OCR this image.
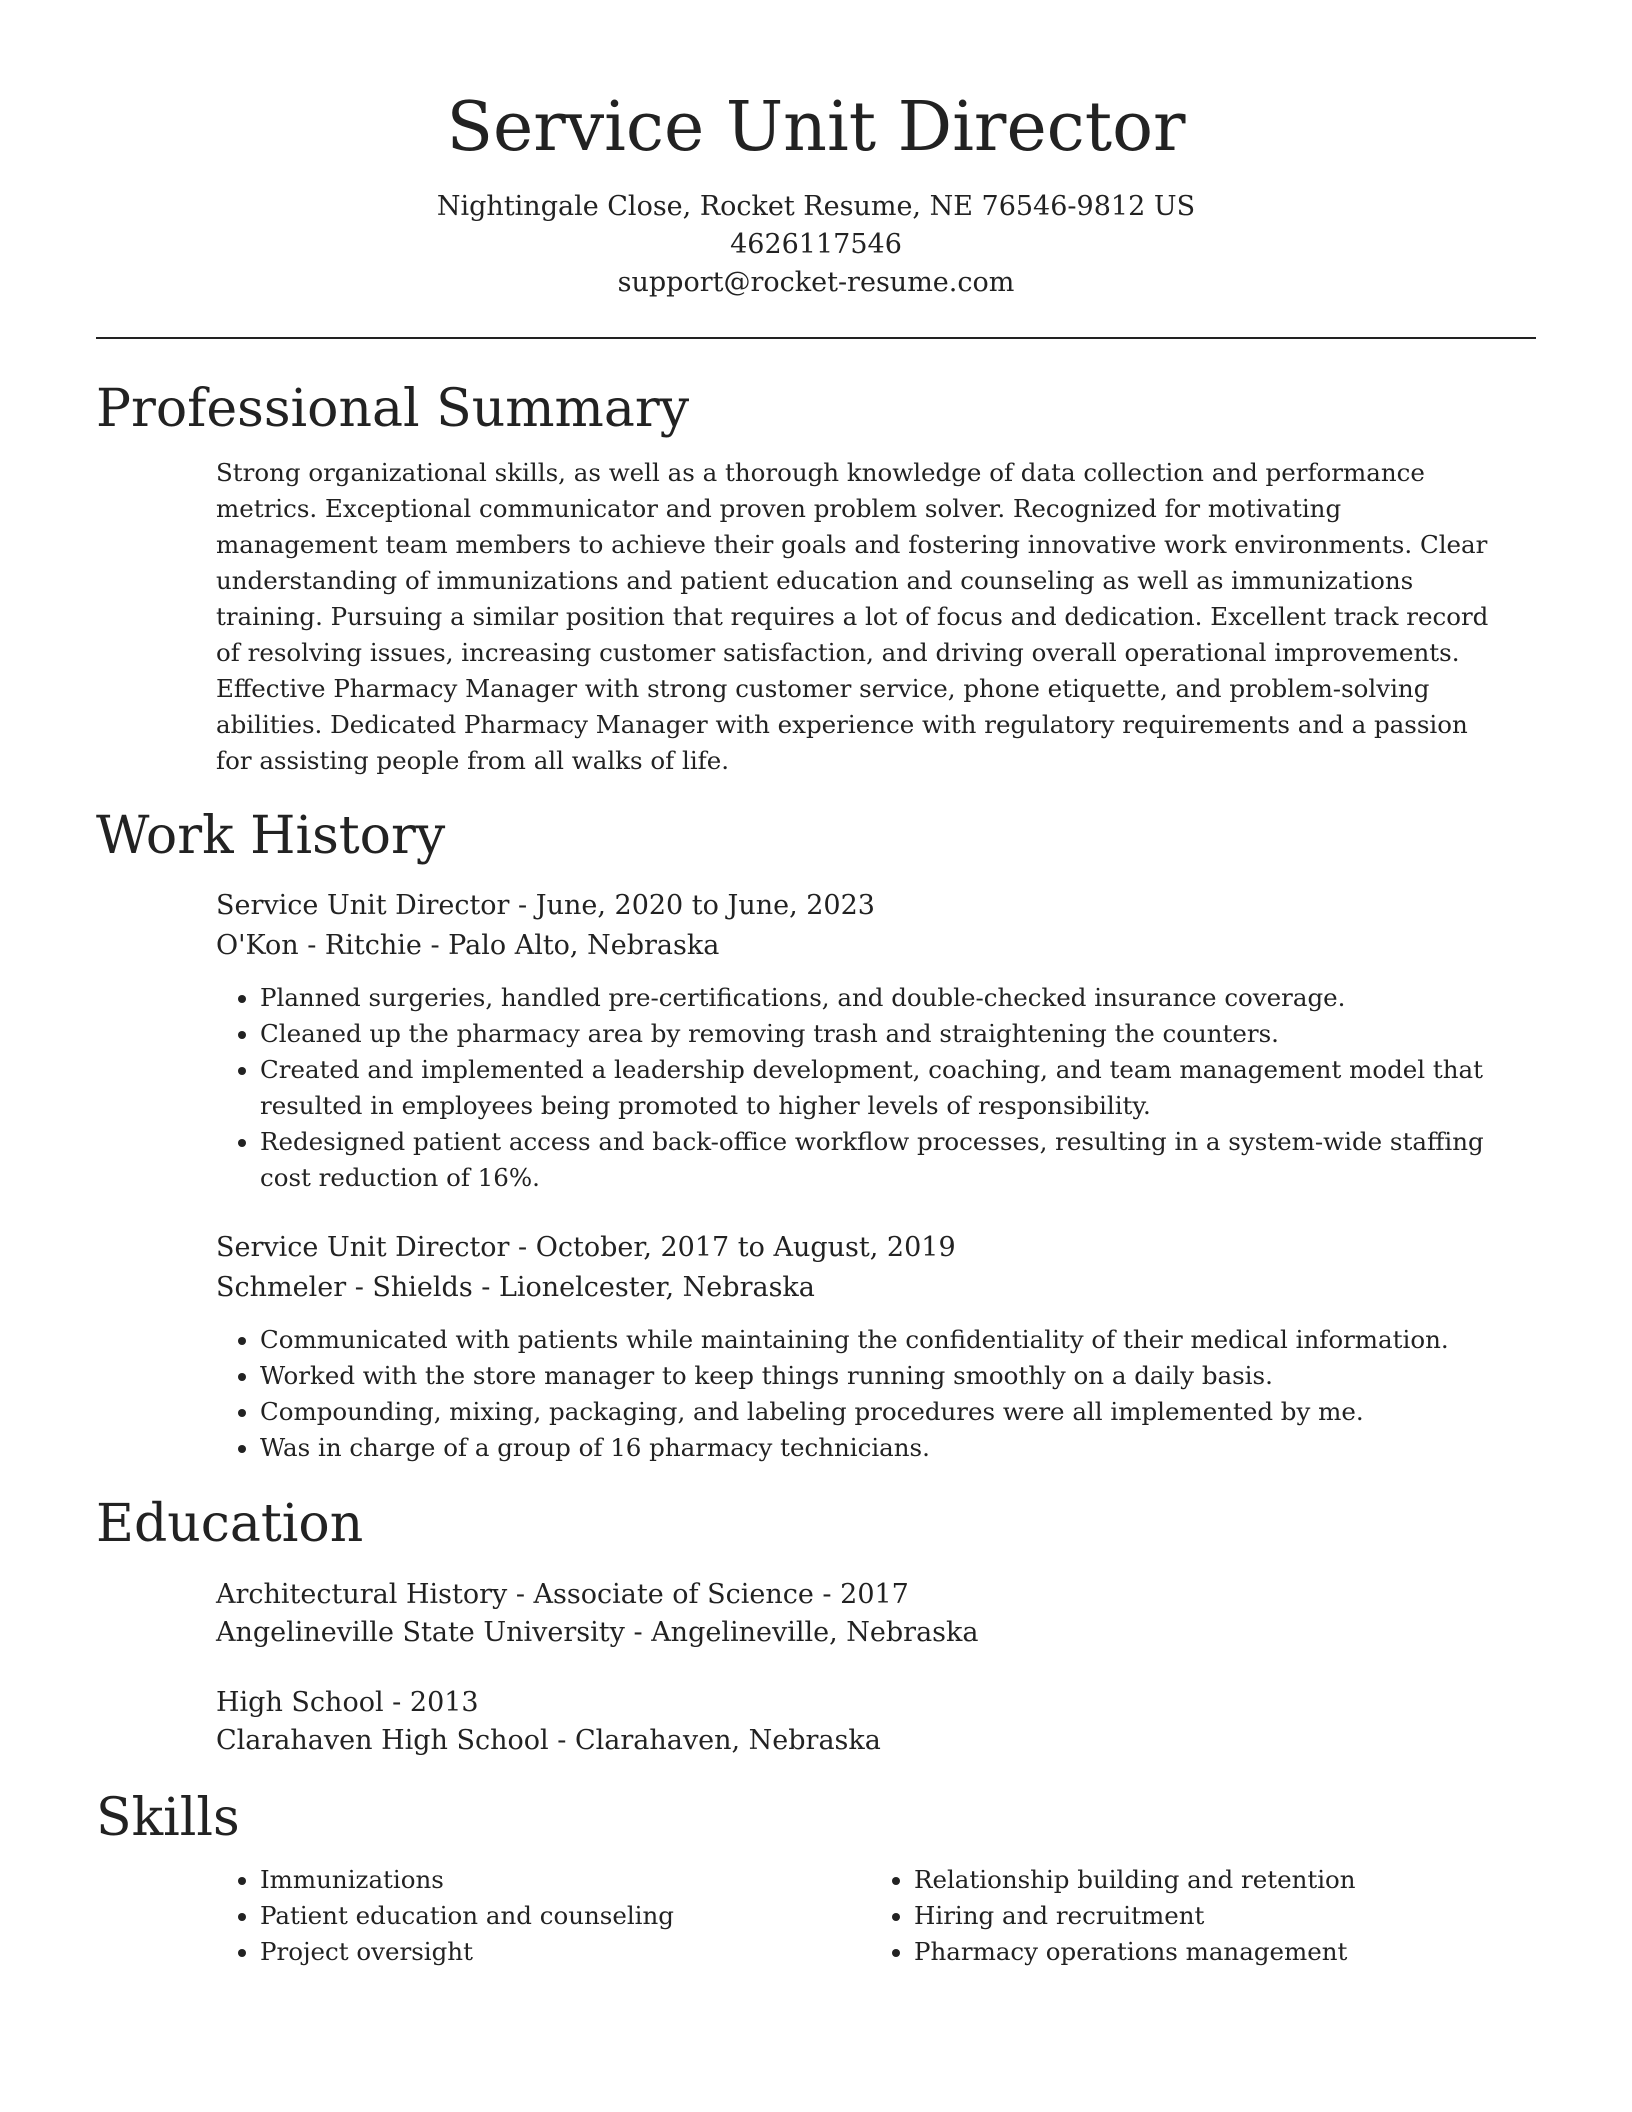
Service Unit Director
Nightingale Close, Rocket Resume, NE 76546-9812 US
4626117546
support@rocket-resume.com
Professional Summary

Strong organizational skills, as well as a thorough knowledge of data collection and performance metrics. Exceptional communicator and proven problem solver. Recognized for motivating management team members to achieve their goals and fostering innovative work environments. Clear understanding of immunizations and patient education and counseling as well as immunizations training. Pursuing a similar position that requires a lot of focus and dedication. Excellent track record of resolving issues, increasing customer satisfaction, and driving overall operational improvements. Effective Pharmacy Manager with strong customer service, phone etiquette, and problem-solving abilities. Dedicated Pharmacy Manager with experience with regulatory requirements and a passion for assisting people from all walks of life.

Work History
Service Unit Director - June, 2020 to June, 2023
O'Kon - Ritchie - Palo Alto, Nebraska
• Planned surgeries, handled pre-certifications, and double-checked insurance coverage.
• Cleaned up the pharmacy area by removing trash and straightening the counters.
• Created and implemented a leadership development, coaching, and team management model that resulted in employees being promoted to higher levels of responsibility.
• Redesigned patient access and back-office workflow processes, resulting in a system-wide staffing cost reduction of 16%.
Service Unit Director - October, 2017 to August, 2019
Schmeler - Shields - Lionelcester, Nebraska
• Communicated with patients while maintaining the confidentiality of their medical information.
• Worked with the store manager to keep things running smoothly on a daily basis.
• Compounding, mixing, packaging, and labeling procedures were all implemented by me.
• Was in charge of a group of 16 pharmacy technicians.
Education
Architectural History - Associate of Science - 2017
Angelineville State University - Angelineville, Nebraska
High School - 2013
Clarahaven High School - Clarahaven, Nebraska
Skills
• Immunizations
• Patient education and counseling
• Project oversight
• Relationship building and retention
• Hiring and recruitment
• Pharmacy operations management
